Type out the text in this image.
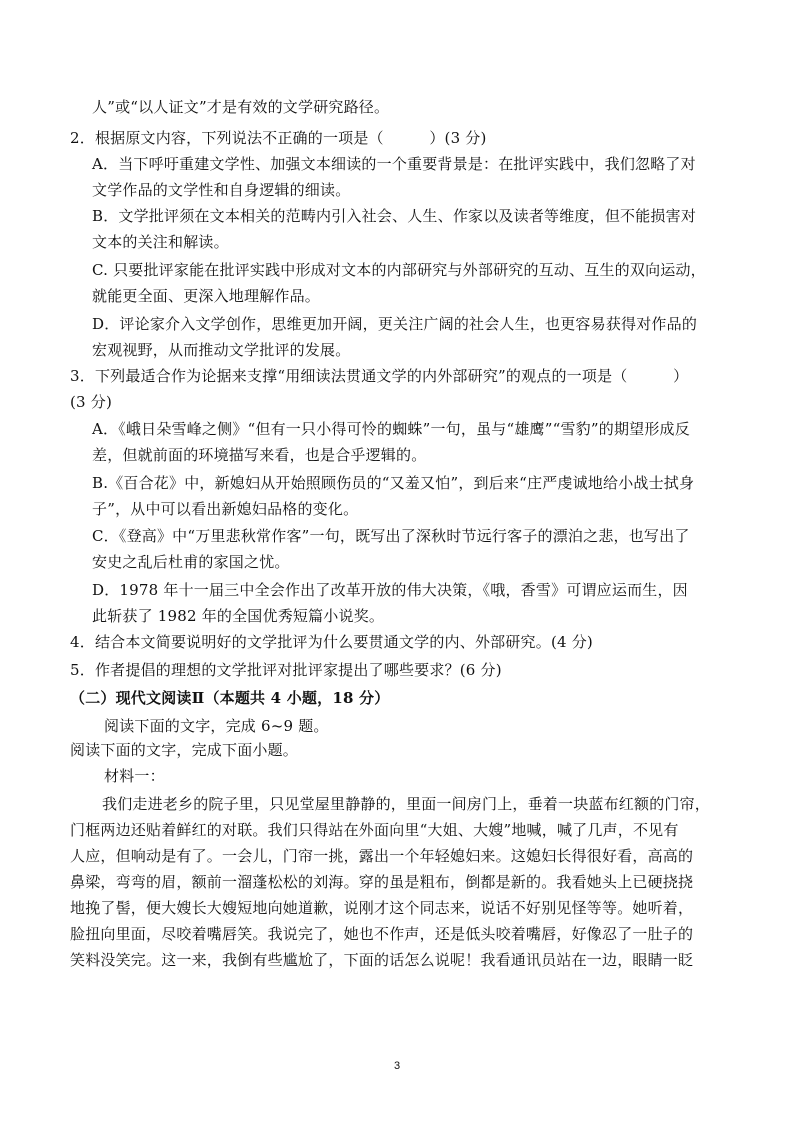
人”或“以人证文”才是有效的文学研究路径。
2．根据原文内容，下列说法不正确的一项是（　　　）(3 分)
A．当下呼吁重建文学性、加强文本细读的一个重要背景是：在批评实践中，我们忽略了对
文学作品的文学性和自身逻辑的细读。
B．文学批评须在文本相关的范畴内引入社会、人生、作家以及读者等维度，但不能损害对
文本的关注和解读。
C. 只要批评家能在批评实践中形成对文本的内部研究与外部研究的互动、互生的双向运动，
就能更全面、更深入地理解作品。
D．评论家介入文学创作，思维更加开阔，更关注广阔的社会人生，也更容易获得对作品的
宏观视野，从而推动文学批评的发展。
3．下列最适合作为论据来支撑“用细读法贯通文学的内外部研究”的观点的一项是（　　　）
(3 分)
A．《峨日朵雪峰之侧》“但有一只小得可怜的蜘蛛”一句，虽与“雄鹰”“雪豹”的期望形成反
差，但就前面的环境描写来看，也是合乎逻辑的。
B.《百合花》中，新媳妇从开始照顾伤员的“又羞又怕”，到后来“庄严虔诚地给小战士拭身
子”，从中可以看出新媳妇品格的变化。
C．《登高》中“万里悲秋常作客”一句，既写出了深秋时节远行客子的漂泊之悲，也写出了
安史之乱后杜甫的家国之忧。
D．1978 年十一届三中全会作出了改革开放的伟大决策，《哦，香雪》可谓应运而生，因
此斩获了 1982 年的全国优秀短篇小说奖。
4．结合本文简要说明好的文学批评为什么要贯通文学的内、外部研究。(4 分)
5．作者提倡的理想的文学批评对批评家提出了哪些要求？(6 分)
（二）现代文阅读Ⅱ（本题共 4 小题，18 分）
阅读下面的文字，完成 6~9 题。
阅读下面的文字，完成下面小题。
材料一：
我们走进老乡的院子里，只见堂屋里静静的，里面一间房门上，垂着一块蓝布红额的门帘，
门框两边还贴着鲜红的对联。我们只得站在外面向里“大姐、大嫂”地喊，喊了几声，不见有
人应，但响动是有了。一会儿，门帘一挑，露出一个年轻媳妇来。这媳妇长得很好看，高高的
鼻梁，弯弯的眉，额前一溜蓬松松的刘海。穿的虽是粗布，倒都是新的。我看她头上已硬挠挠
地挽了髻，便大嫂长大嫂短地向她道歉，说刚才这个同志来，说话不好别见怪等等。她听着，
脸扭向里面，尽咬着嘴唇笑。我说完了，她也不作声，还是低头咬着嘴唇，好像忍了一肚子的
笑料没笑完。这一来，我倒有些尴尬了，下面的话怎么说呢！我看通讯员站在一边，眼睛一眨
3
